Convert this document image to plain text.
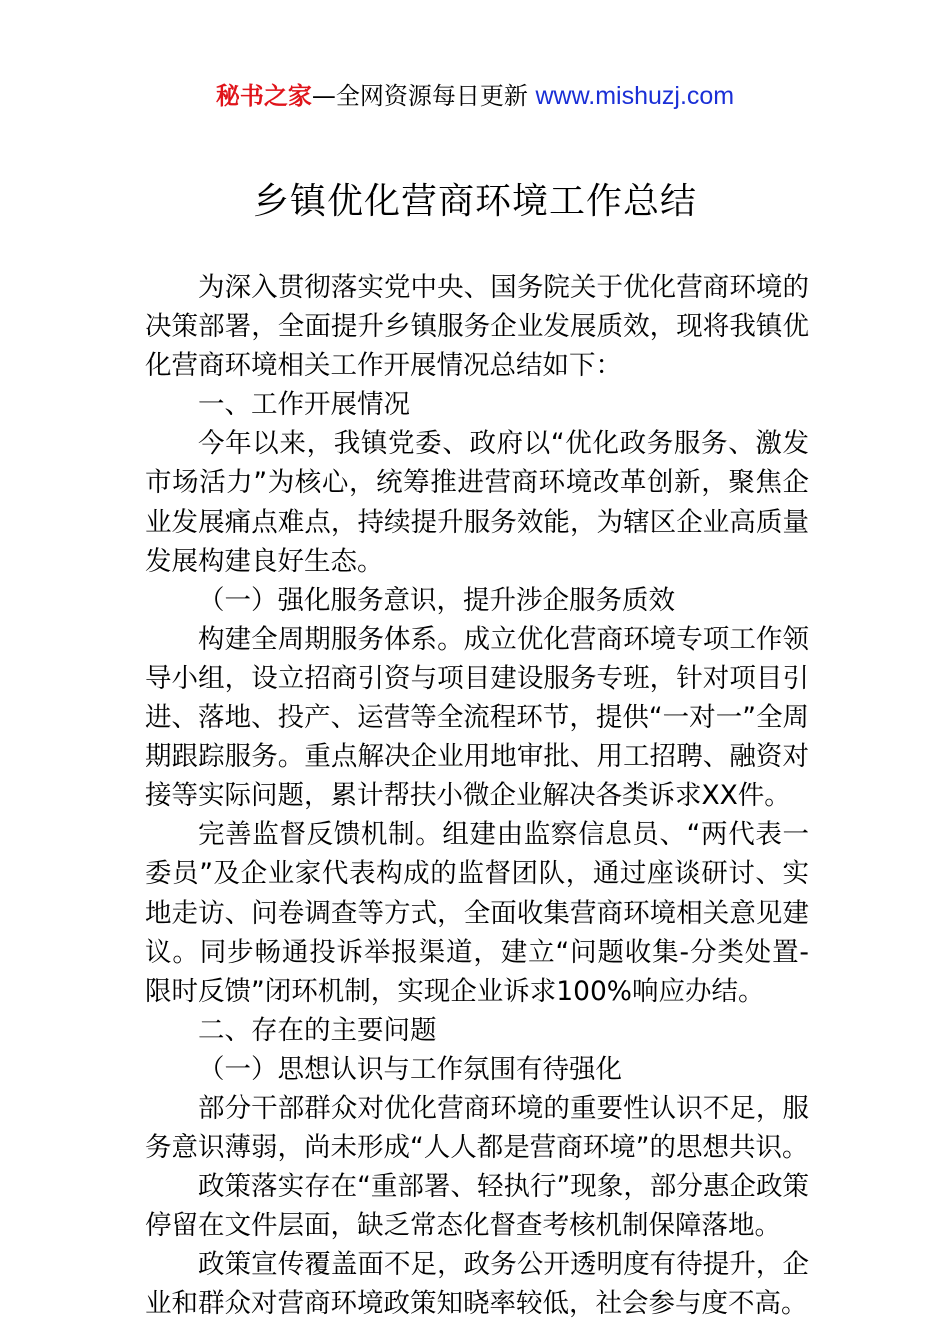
秘书之家—全网资源每日更新 www.mishuzj.com
乡镇优化营商环境工作总结

为深入贯彻落实党中央、国务院关于优化营商环境的决策部署，全面提升乡镇服务企业发展质效，现将我镇优化营商环境相关工作开展情况总结如下：

一、工作开展情况

今年以来，我镇党委、政府以“优化政务服务、激发市场活力”为核心，统筹推进营商环境改革创新，聚焦企业发展痛点难点，持续提升服务效能，为辖区企业高质量发展构建良好生态。

（一）强化服务意识，提升涉企服务质效

构建全周期服务体系。成立优化营商环境专项工作领导小组，设立招商引资与项目建设服务专班，针对项目引进、落地、投产、运营等全流程环节，提供“一对一”全周期跟踪服务。重点解决企业用地审批、用工招聘、融资对接等实际问题，累计帮扶小微企业解决各类诉求XX件。

完善监督反馈机制。组建由监察信息员、“两代表一委员”及企业家代表构成的监督团队，通过座谈研讨、实地走访、问卷调查等方式，全面收集营商环境相关意见建议。同步畅通投诉举报渠道，建立“问题收集-分类处置-限时反馈”闭环机制，实现企业诉求100%响应办结。

二、存在的主要问题

（一）思想认识与工作氛围有待强化

部分干部群众对优化营商环境的重要性认识不足，服务意识薄弱，尚未形成“人人都是营商环境”的思想共识。

政策落实存在“重部署、轻执行”现象，部分惠企政策停留在文件层面，缺乏常态化督查考核机制保障落地。

政策宣传覆盖面不足，政务公开透明度有待提升，企业和群众对营商环境政策知晓率较低，社会参与度不高。
